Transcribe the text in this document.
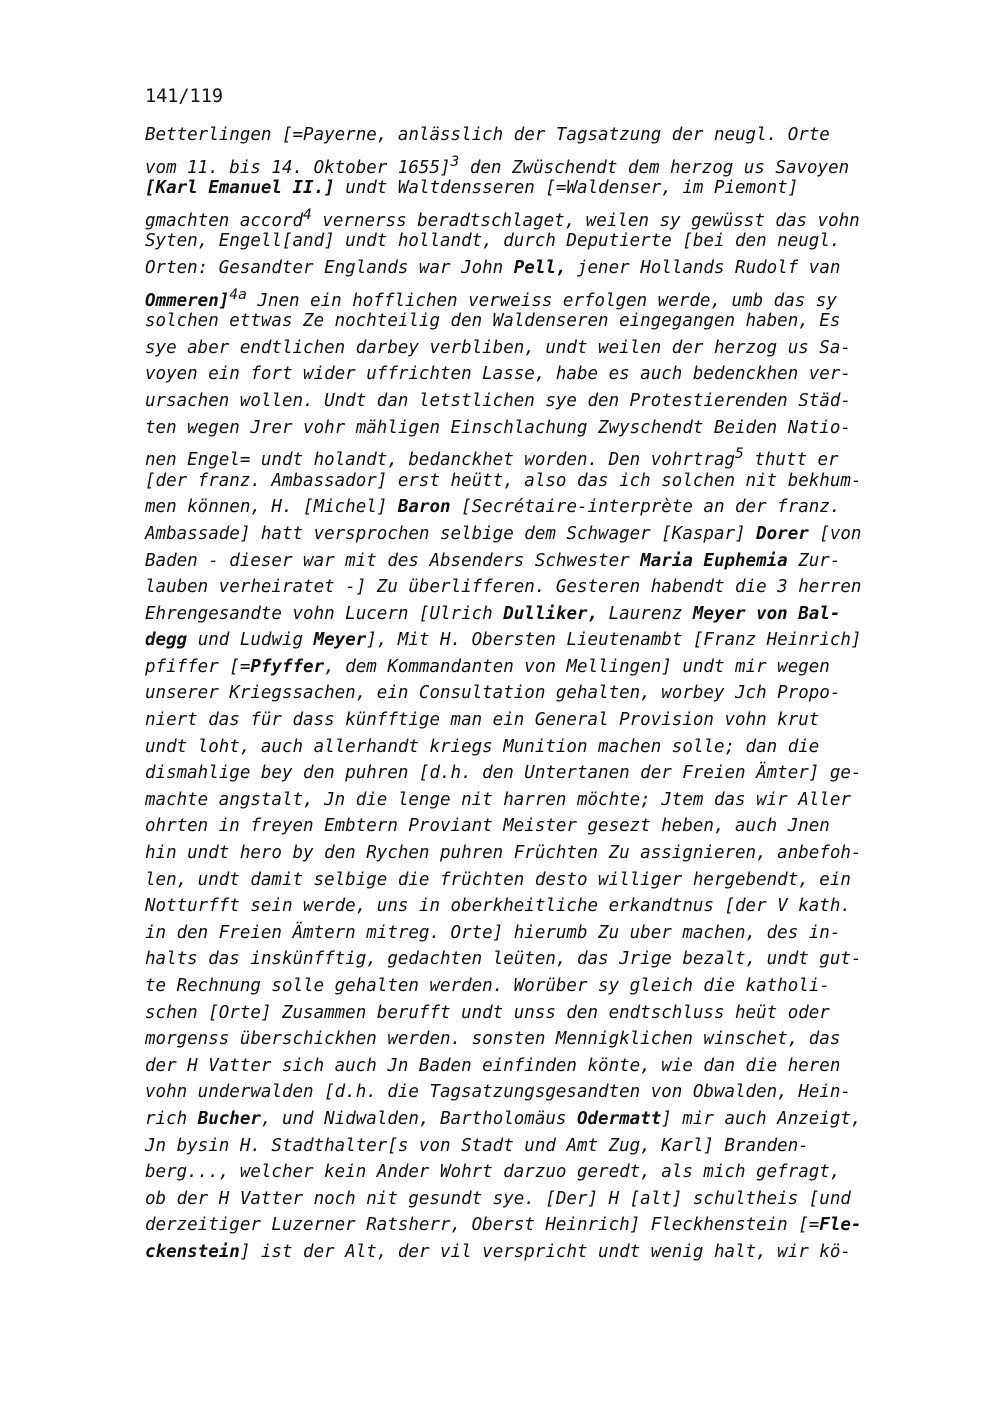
141/119
Betterlingen [=Payerne, anlässlich der Tagsatzung der neugl. Orte
vom 11. bis 14. Oktober 1655]$^3$ den Zwüschendt dem herzog us Savoyen
[Karl Emanuel II.] undt Waltdensseren [=Waldenser, im Piemont]
gmachten accord$^4$ vernerss beradtschlaget, weilen sy gewüsst das vohn
Syten, Engell[and] undt hollandt, durch Deputierte [bei den neugl.
Orten: Gesandter Englands war John Pell, jener Hollands Rudolf van
Ommeren]$^{4a}$ Jnen ein hofflichen verweiss erfolgen werde, umb das sy
solchen ettwas Ze nochteilig den Waldenseren eingegangen haben, Es
sye aber endtlichen darbey verbliben, undt weilen der herzog us Sa-
voyen ein fort wider uffrichten Lasse, habe es auch bedenckhen ver-
ursachen wollen. Undt dan letstlichen sye den Protestierenden Städ-
ten wegen Jrer vohr mähligen Einschlachung Zwyschendt Beiden Natio-
nen Engel= undt holandt, bedanckhet worden. Den vohrtrag$^5$ thutt er
[der franz. Ambassador] erst heütt, also das ich solchen nit bekhum-
men können, H. [Michel] Baron [Secrétaire-interprète an der franz.
Ambassade] hatt versprochen selbige dem Schwager [Kaspar] Dorer [von
Baden - dieser war mit des Absenders Schwester Maria Euphemia Zur-
lauben verheiratet -] Zu überlifferen. Gesteren habendt die 3 herren
Ehrengesandte vohn Lucern [Ulrich Dulliker, Laurenz Meyer von Bal-
degg und Ludwig Meyer], Mit H. Obersten Lieutenambt [Franz Heinrich]
pfiffer [=Pfyffer, dem Kommandanten von Mellingen] undt mir wegen
unserer Kriegssachen, ein Consultation gehalten, worbey Jch Propo-
niert das für dass künfftige man ein General Provision vohn krut
undt loht, auch allerhandt kriegs Munition machen solle; dan die
dismahlige bey den puhren [d.h. den Untertanen der Freien Ämter] ge-
machte angstalt, Jn die lenge nit harren möchte; Jtem das wir Aller
ohrten in freyen Embtern Proviant Meister gesezt heben, auch Jnen
hin undt hero by den Rychen puhren Früchten Zu assignieren, anbefoh-
len, undt damit selbige die früchten desto williger hergebendt, ein
Notturfft sein werde, uns in oberkheitliche erkandtnus [der V kath.
in den Freien Ämtern mitreg. Orte] hierumb Zu uber machen, des in-
halts das inskünfftig, gedachten leüten, das Jrige bezalt, undt gut-
te Rechnung solle gehalten werden. Worüber sy gleich die katholi-
schen [Orte] Zusammen berufft undt unss den endtschluss heüt oder
morgenss überschickhen werden. sonsten Mennigklichen winschet, das
der H Vatter sich auch Jn Baden einfinden könte, wie dan die heren
vohn underwalden [d.h. die Tagsatzungsgesandten von Obwalden, Hein-
rich Bucher, und Nidwalden, Bartholomäus Odermatt] mir auch Anzeigt,
Jn bysin H. Stadthalter[s von Stadt und Amt Zug, Karl] Branden-
berg..., welcher kein Ander Wohrt darzuo geredt, als mich gefragt,
ob der H Vatter noch nit gesundt sye. [Der] H [alt] schultheis [und
derzeitiger Luzerner Ratsherr, Oberst Heinrich] Fleckhenstein [=Fle-
ckenstein] ist der Alt, der vil verspricht undt wenig halt, wir kö-
